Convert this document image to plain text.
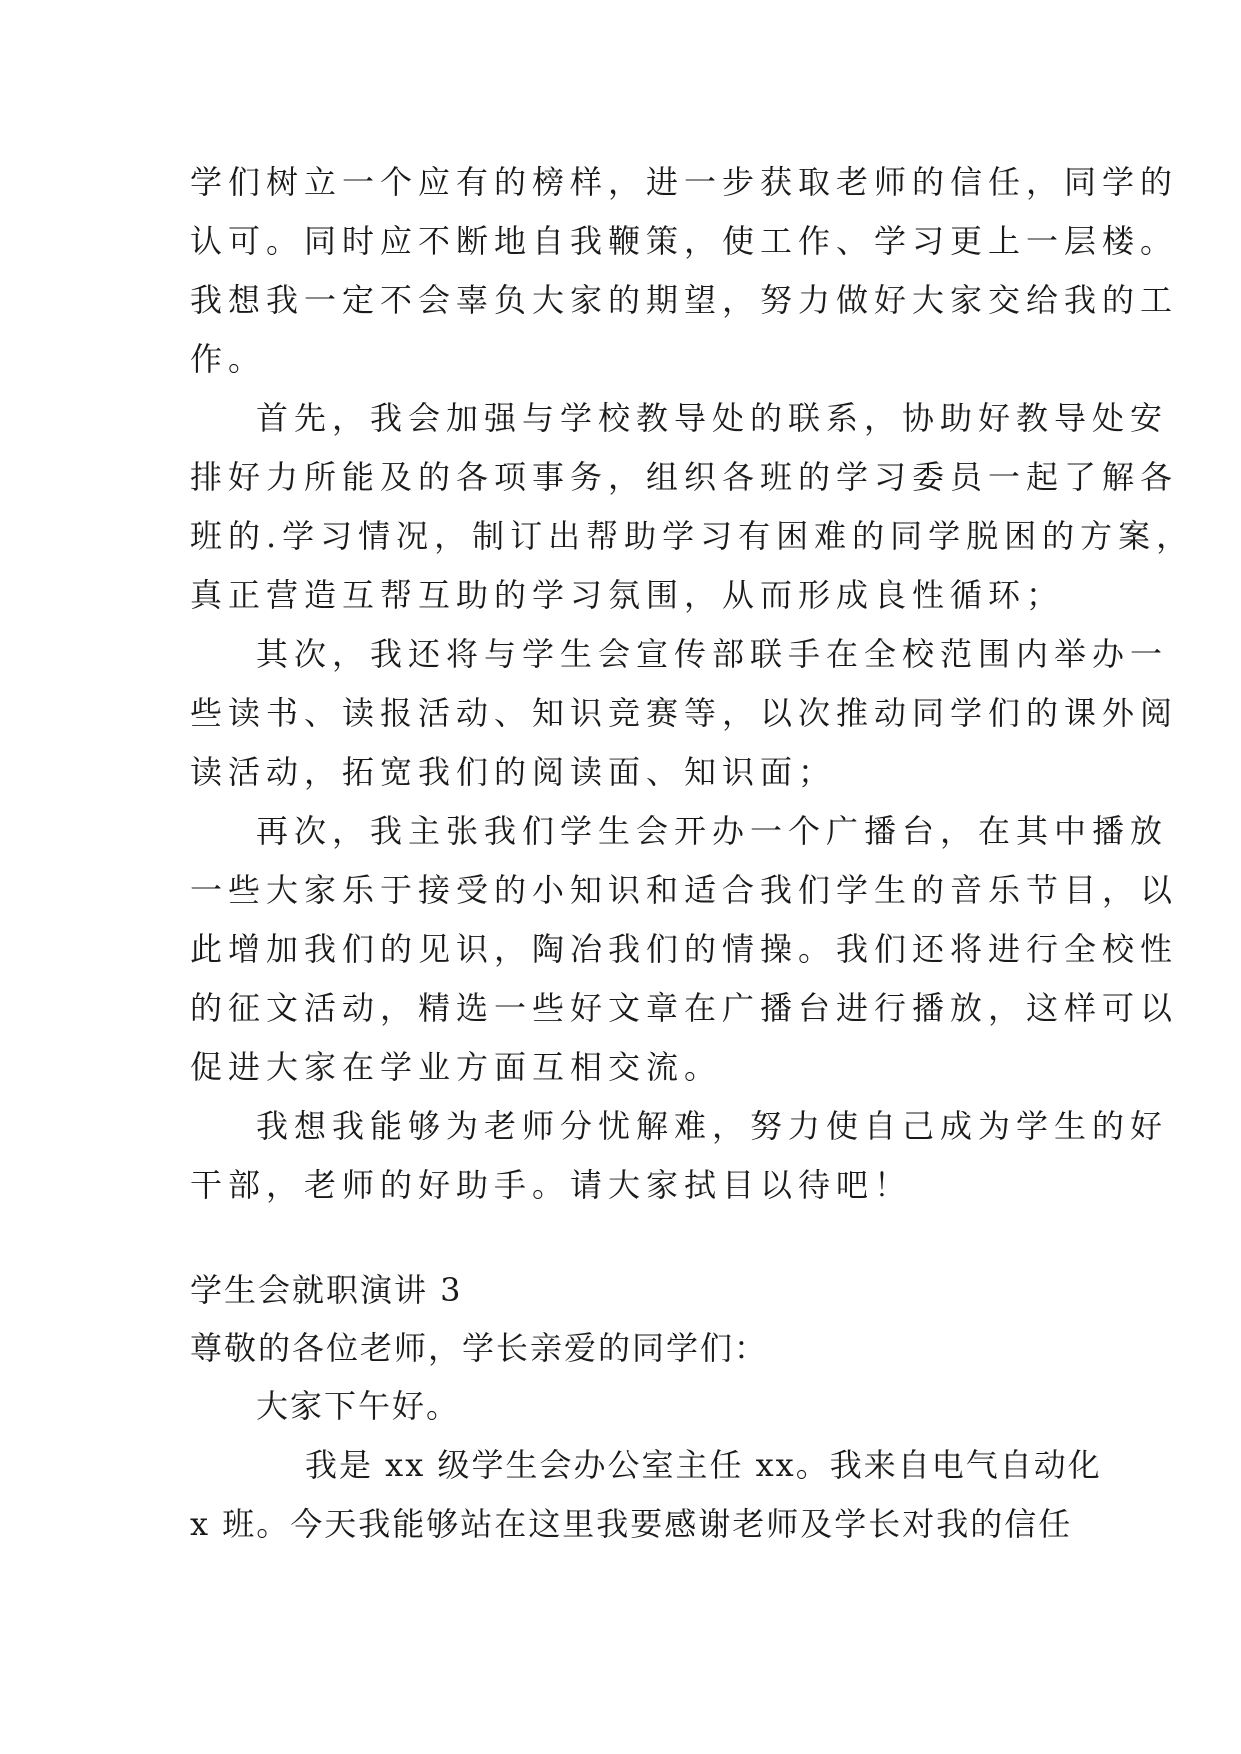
学们树立一个应有的榜样，进一步获取老师的信任，同学的
认可。同时应不断地自我鞭策，使工作、学习更上一层楼。
我想我一定不会辜负大家的期望，努力做好大家交给我的工
作。
首先，我会加强与学校教导处的联系，协助好教导处安
排好力所能及的各项事务，组织各班的学习委员一起了解各
班的.学习情况，制订出帮助学习有困难的同学脱困的方案，
真正营造互帮互助的学习氛围，从而形成良性循环；
其次，我还将与学生会宣传部联手在全校范围内举办一
些读书、读报活动、知识竞赛等，以次推动同学们的课外阅
读活动，拓宽我们的阅读面、知识面；
再次，我主张我们学生会开办一个广播台，在其中播放
一些大家乐于接受的小知识和适合我们学生的音乐节目，以
此增加我们的见识，陶冶我们的情操。我们还将进行全校性
的征文活动，精选一些好文章在广播台进行播放，这样可以
促进大家在学业方面互相交流。
我想我能够为老师分忧解难，努力使自己成为学生的好
干部，老师的好助手。请大家拭目以待吧！
学生会就职演讲 3
尊敬的各位老师，学长亲爱的同学们：
大家下午好。
我是 xx 级学生会办公室主任 xx。我来自电气自动化
x 班。今天我能够站在这里我要感谢老师及学长对我的信任
